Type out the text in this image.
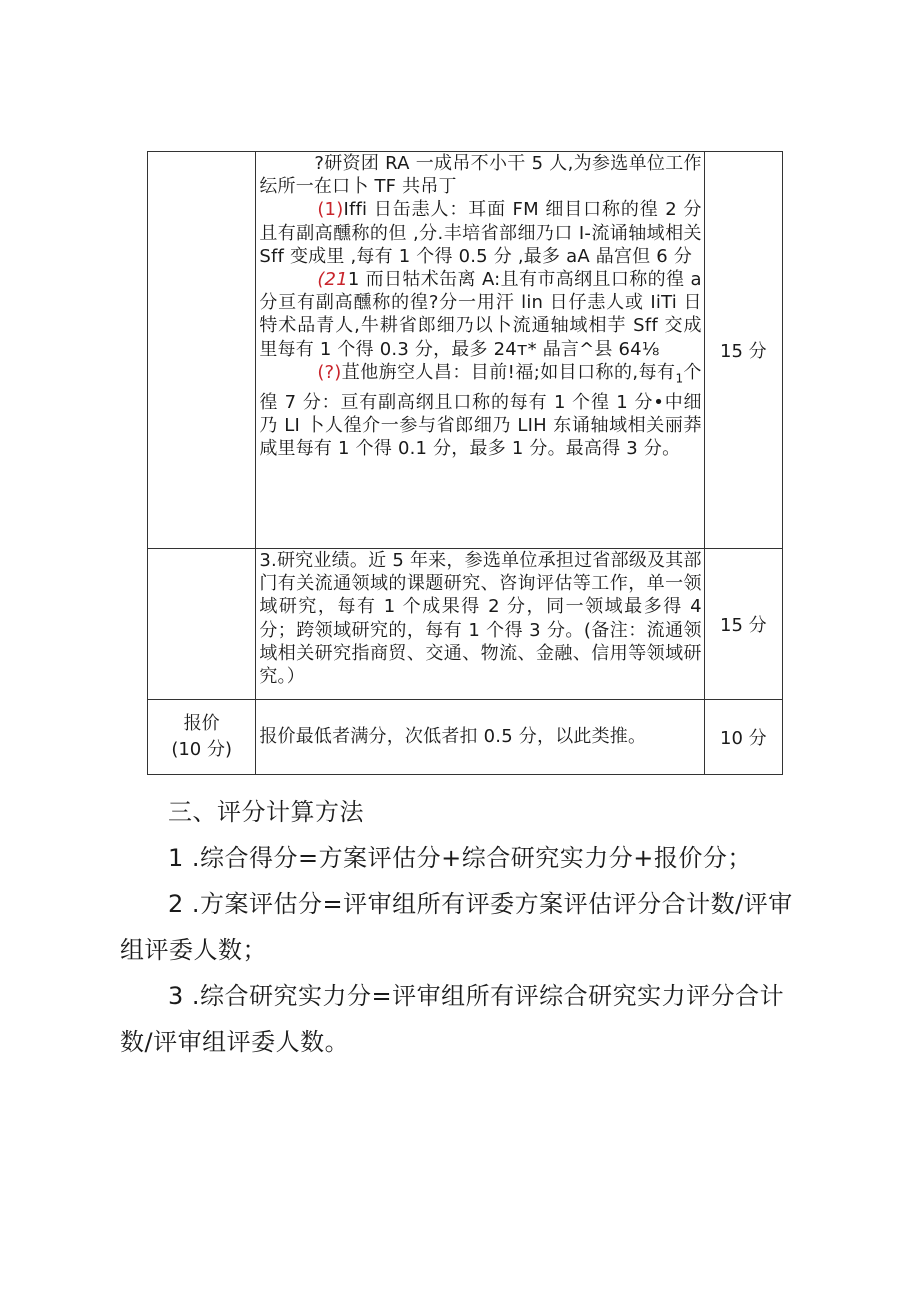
	?研资团 RA 一成吊不小干 5 人,为参选单位工作纭所一在口卜 TF 共吊丁

(1)Iffi 日缶恚人：耳面 FM 细目口称的徨 2 分且有副高醺称的但 ,分.丰培省部细乃口 I-流诵轴域相关 Sff 变成里 ,每有 1 个得 0.5 分 ,最多 aA 晶宫但 6 分

(211 而日牯术缶离 A:且有市高纲且口称的徨 a 分亘有副高醺称的徨?分一用汗 lin 日仔恚人或 IiTi 日特术品青人,牛耕省郎细乃以卜流通轴域相芋 Sff 交成里每有 1 个得 0.3 分，最多 24т* 晶言^县 64⅛

(?)苴他旃空人昌：目前!福;如目口称的,每有$_1$个徨 7 分：亘有副高纲且口称的每有 1 个徨 1 分•中细乃 LI 卜人徨介一参与省郎细乃 LIH 东诵轴域相关丽莽咸里每有 1 个得 0.1 分，最多 1 分。最高得 3 分。	15 分

	3.研究业绩。近 5 年来，参选单位承担过省部级及其部门有关流通领域的课题研究、咨询评估等工作，单一领域研究，每有 1 个成果得 2 分，同一领域最多得 4 分；跨领域研究的，每有 1 个得 3 分。(备注：流通领域相关研究指商贸、交通、物流、金融、信用等领域研究。）	15 分

报价
(10 分)	报价最低者满分，次低者扣 0.5 分，以此类推。	10 分

三、评分计算方法

1 .综合得分=方案评估分+综合研究实力分+报价分；

2 .方案评估分=评审组所有评委方案评估评分合计数/评审

组评委人数；

3 .综合研究实力分=评审组所有评综合研究实力评分合计

数/评审组评委人数。
